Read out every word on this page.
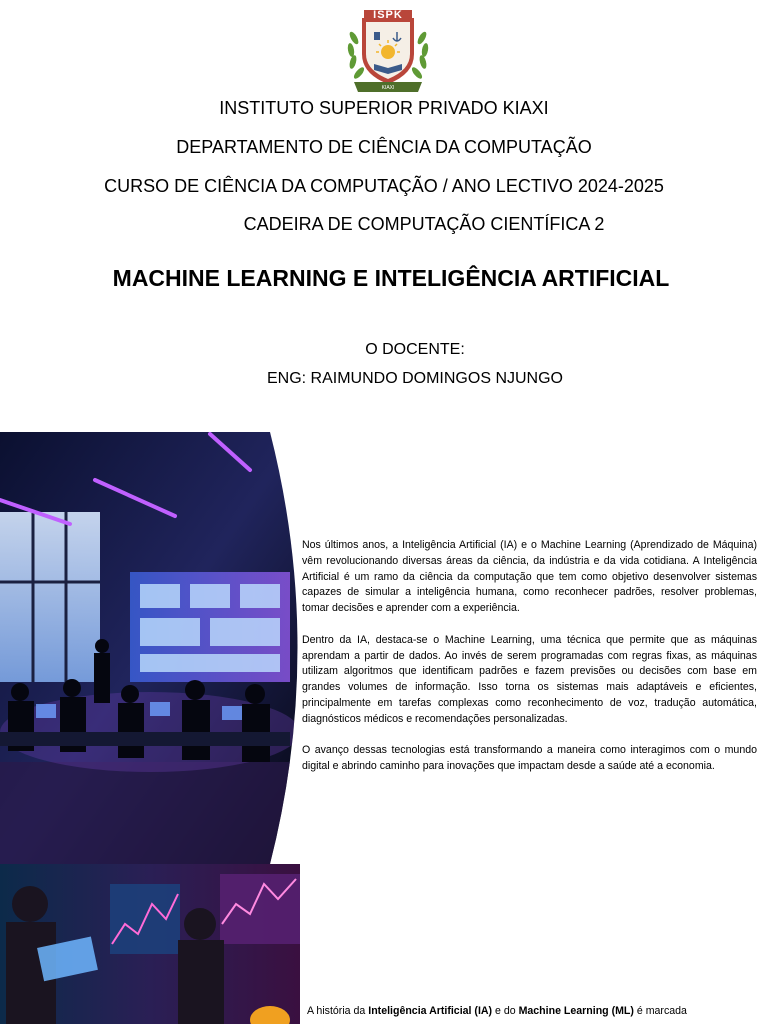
ISPK
KIAXI
INSTITUTO SUPERIOR PRIVADO KIAXI
DEPARTAMENTO DE CIÊNCIA DA COMPUTAÇÃO
CURSO DE CIÊNCIA DA COMPUTAÇÃO / ANO LECTIVO 2024-2025
CADEIRA DE COMPUTAÇÃO CIENTÍFICA 2
MACHINE LEARNING E INTELIGÊNCIA ARTIFICIAL
O DOCENTE:
ENG: RAIMUNDO DOMINGOS NJUNGO

Nos últimos anos, a Inteligência Artificial (IA) e o Machine Learning (Aprendizado de Máquina) vêm revolucionando diversas áreas da ciência, da indústria e da vida cotidiana. A Inteligência Artificial é um ramo da ciência da computação que tem como objetivo desenvolver sistemas capazes de simular a inteligência humana, como reconhecer padrões, resolver problemas, tomar decisões e aprender com a experiência.

Dentro da IA, destaca-se o Machine Learning, uma técnica que permite que as máquinas aprendam a partir de dados. Ao invés de serem programadas com regras fixas, as máquinas utilizam algoritmos que identificam padrões e fazem previsões ou decisões com base em grandes volumes de informação. Isso torna os sistemas mais adaptáveis e eficientes, principalmente em tarefas complexas como reconhecimento de voz, tradução automática, diagnósticos médicos e recomendações personalizadas.

O avanço dessas tecnologias está transformando a maneira como interagimos com o mundo digital e abrindo caminho para inovações que impactam desde a saúde até a economia.

A história da Inteligência Artificial (IA) e do Machine Learning (ML) é marcada
